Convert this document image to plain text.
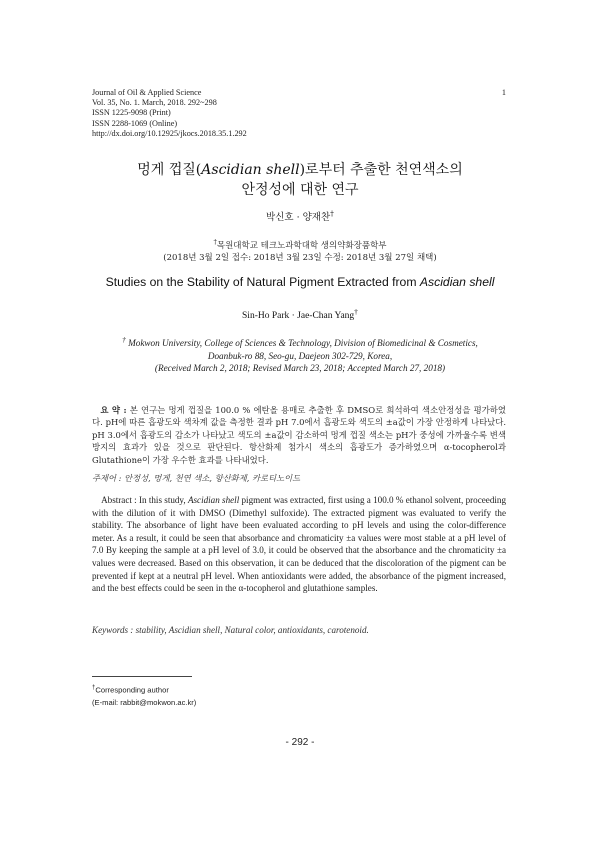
Journal of Oil & Applied Science
Vol. 35, No. 1. March, 2018. 292~298
ISSN 1225-9098 (Print)
ISSN 2288-1069 (Online)
http://dx.doi.org/10.12925/jkocs.2018.35.1.292
1
멍게 껍질(Ascidian shell)로부터 추출한 천연색소의
안정성에 대한 연구
박신호 · 양재찬†
†목원대학교 테크노과학대학 생의약화장품학부
(2018년 3월 2일 접수: 2018년 3월 23일 수정: 2018년 3월 27일 채택)
Studies on the Stability of Natural Pigment Extracted from Ascidian shell
Sin-Ho Park · Jae-Chan Yang†
† Mokwon University, College of Sciences & Technology, Division of Biomedicinal & Cosmetics,
Doanbuk-ro 88, Seo-gu, Daejeon 302-729, Korea,
(Received March 2, 2018; Revised March 23, 2018; Accepted March 27, 2018)
요 약 : 본 연구는 멍게 껍질을 100.0 % 에탄올 용매로 추출한 후 DMSO로 희석하여 색소안정성을 평가하였다. pH에 따른 흡광도와 색차계 값을 측정한 결과 pH 7.0에서 흡광도와 색도의 ±a값이 가장 안정하게 나타났다. pH 3.0에서 흡광도의 감소가 나타났고 색도의 ±a값이 감소하여 멍게 껍질 색소는 pH가 중성에 가까울수록 변색방지의 효과가 있을 것으로 판단된다. 항산화제 첨가시 색소의 흡광도가 증가하였으며 α-tocopherol과 Glutathione이 가장 우수한 효과를 나타내었다.
주제어 : 안정성, 멍게, 천연 색소, 항산화제, 카로티노이드
Abstract : In this study, Ascidian shell pigment was extracted, first using a 100.0 % ethanol solvent, proceeding with the dilution of it with DMSO (Dimethyl sulfoxide). The extracted pigment was evaluated to verify the stability. The absorbance of light have been evaluated according to pH levels and using the color-difference meter. As a result, it could be seen that absorbance and chromaticity ±a values were most stable at a pH level of 7.0 By keeping the sample at a pH level of 3.0, it could be observed that the absorbance and the chromaticity ±a values were decreased. Based on this observation, it can be deduced that the discoloration of the pigment can be prevented if kept at a neutral pH level. When antioxidants were added, the absorbance of the pigment increased, and the best effects could be seen in the α-tocopherol and glutathione samples.
Keywords : stability, Ascidian shell, Natural color, antioxidants, carotenoid.
†Corresponding author
(E-mail: rabbit@mokwon.ac.kr)
- 292 -
